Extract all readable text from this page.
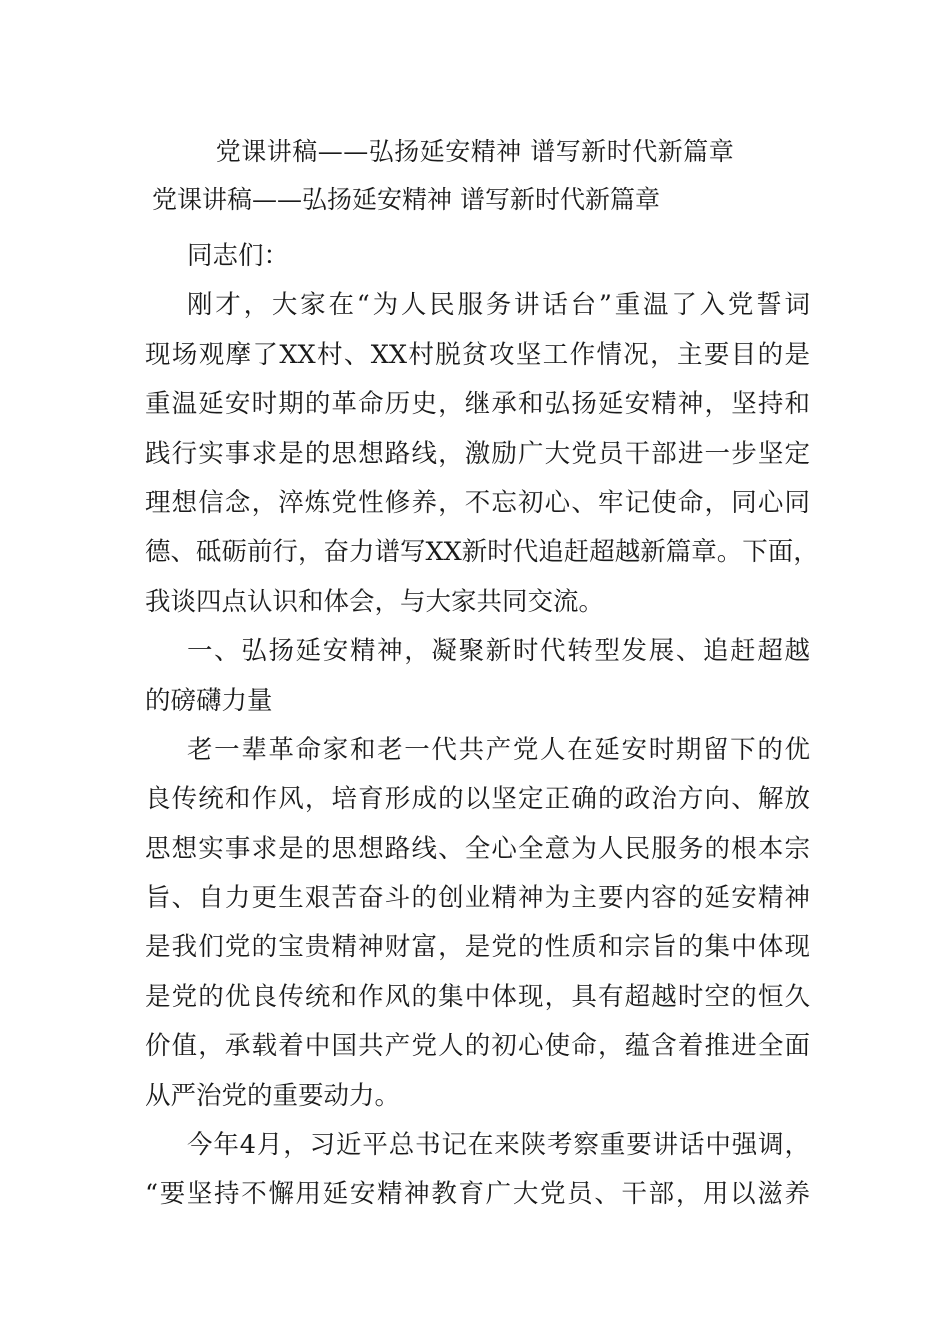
党课讲稿——弘扬延安精神 谱写新时代新篇章
党课讲稿——弘扬延安精神 谱写新时代新篇章
同志们：
刚才，大家在“为人民服务讲话台”重温了入党誓词
现场观摩了XX村、XX村脱贫攻坚工作情况，主要目的是
重温延安时期的革命历史，继承和弘扬延安精神，坚持和
践行实事求是的思想路线，激励广大党员干部进一步坚定
理想信念，淬炼党性修养，不忘初心、牢记使命，同心同
德、砥砺前行，奋力谱写XX新时代追赶超越新篇章。下面，
我谈四点认识和体会，与大家共同交流。
一、弘扬延安精神，凝聚新时代转型发展、追赶超越
的磅礴力量
老一辈革命家和老一代共产党人在延安时期留下的优
良传统和作风，培育形成的以坚定正确的政治方向、解放
思想实事求是的思想路线、全心全意为人民服务的根本宗
旨、自力更生艰苦奋斗的创业精神为主要内容的延安精神
是我们党的宝贵精神财富，是党的性质和宗旨的集中体现
是党的优良传统和作风的集中体现，具有超越时空的恒久
价值，承载着中国共产党人的初心使命，蕴含着推进全面
从严治党的重要动力。
今年4月，习近平总书记在来陕考察重要讲话中强调，
“要坚持不懈用延安精神教育广大党员、干部，用以滋养
